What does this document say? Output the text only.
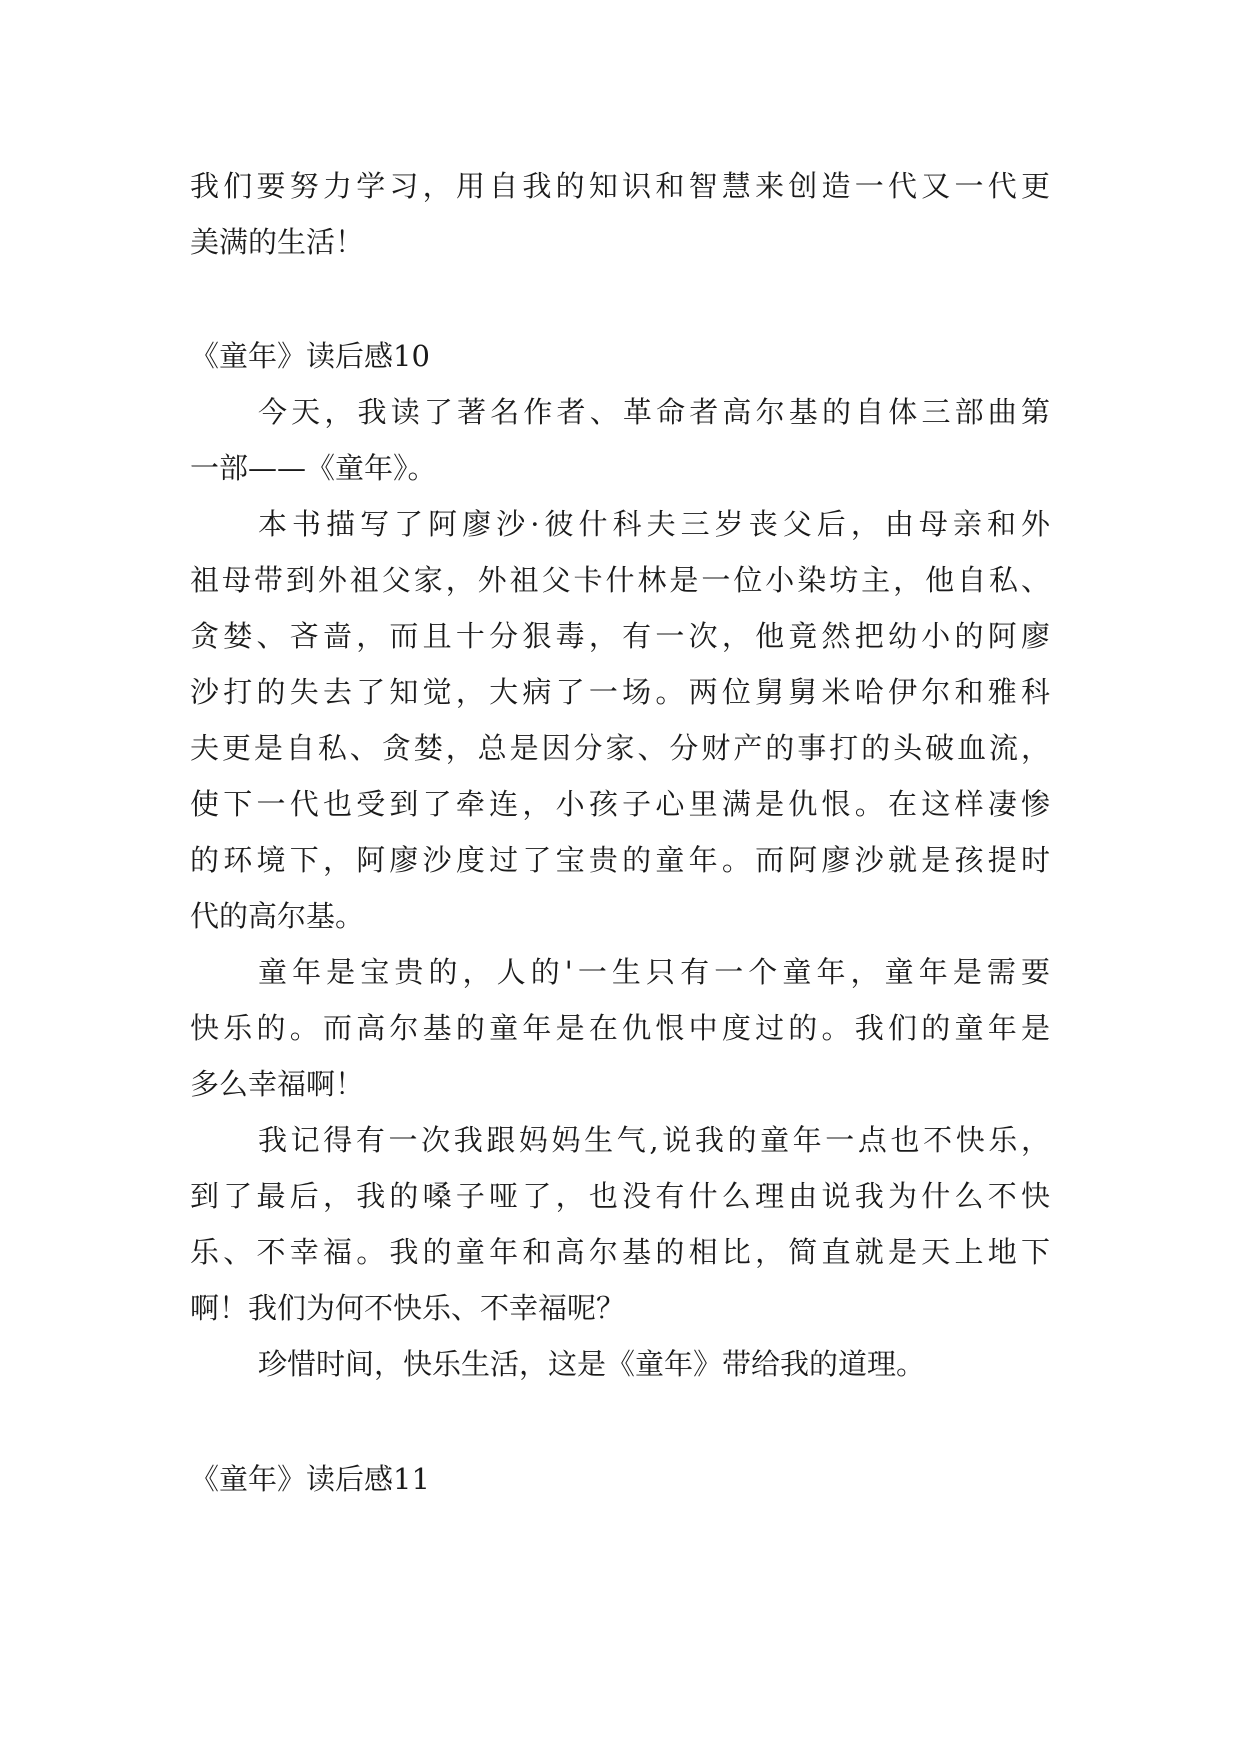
我们要努力学习，用自我的知识和智慧来创造一代又一代更
美满的生活！
《童年》读后感10
今天，我读了著名作者、革命者高尔基的自体三部曲第
一部——《童年》。
本书描写了阿廖沙·彼什科夫三岁丧父后，由母亲和外
祖母带到外祖父家，外祖父卡什林是一位小染坊主，他自私、
贪婪、吝啬，而且十分狠毒，有一次，他竟然把幼小的阿廖
沙打的失去了知觉，大病了一场。两位舅舅米哈伊尔和雅科
夫更是自私、贪婪，总是因分家、分财产的事打的头破血流，
使下一代也受到了牵连，小孩子心里满是仇恨。在这样凄惨
的环境下，阿廖沙度过了宝贵的童年。而阿廖沙就是孩提时
代的高尔基。
童年是宝贵的，人的'一生只有一个童年，童年是需要
快乐的。而高尔基的童年是在仇恨中度过的。我们的童年是
多么幸福啊！
我记得有一次我跟妈妈生气,说我的童年一点也不快乐，
到了最后，我的嗓子哑了，也没有什么理由说我为什么不快
乐、不幸福。我的童年和高尔基的相比，简直就是天上地下
啊！我们为何不快乐、不幸福呢？
珍惜时间，快乐生活，这是《童年》带给我的道理。
《童年》读后感11
